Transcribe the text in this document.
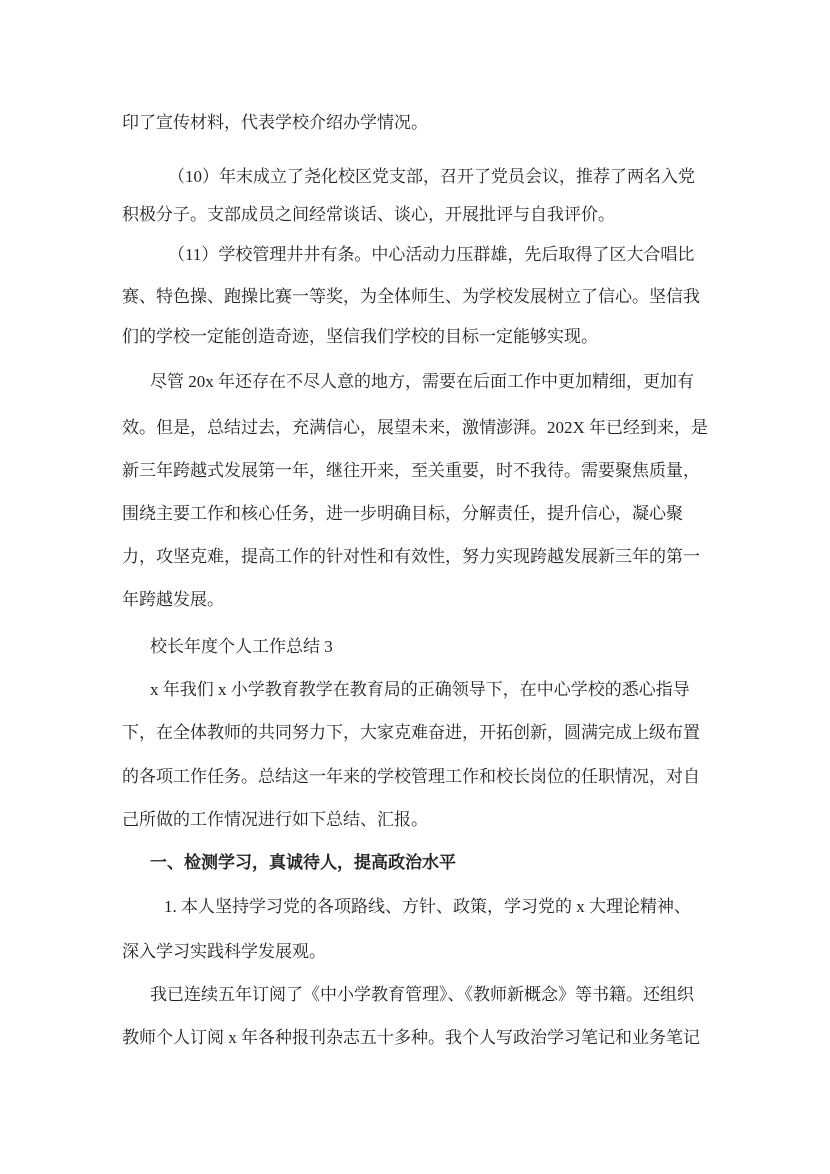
印了宣传材料，代表学校介绍办学情况。
（10）年末成立了尧化校区党支部，召开了党员会议，推荐了两名入党
积极分子。支部成员之间经常谈话、谈心，开展批评与自我评价。
（11）学校管理井井有条。中心活动力压群雄，先后取得了区大合唱比
赛、特色操、跑操比赛一等奖，为全体师生、为学校发展树立了信心。坚信我
们的学校一定能创造奇迹，坚信我们学校的目标一定能够实现。
尽管 20x 年还存在不尽人意的地方，需要在后面工作中更加精细，更加有
效。但是，总结过去，充满信心，展望未来，激情澎湃。202X 年已经到来，是
新三年跨越式发展第一年，继往开来，至关重要，时不我待。需要聚焦质量，
围绕主要工作和核心任务，进一步明确目标，分解责任，提升信心，凝心聚
力，攻坚克难，提高工作的针对性和有效性，努力实现跨越发展新三年的第一
年跨越发展。
校长年度个人工作总结 3
x 年我们 x 小学教育教学在教育局的正确领导下，在中心学校的悉心指导
下，在全体教师的共同努力下，大家克难奋进，开拓创新，圆满完成上级布置
的各项工作任务。总结这一年来的学校管理工作和校长岗位的任职情况，对自
己所做的工作情况进行如下总结、汇报。
一、检测学习，真诚待人，提高政治水平
1. 本人坚持学习党的各项路线、方针、政策，学习党的 x 大理论精神、
深入学习实践科学发展观。
我已连续五年订阅了《中小学教育管理》、《教师新概念》等书籍。还组织
教师个人订阅 x 年各种报刊杂志五十多种。我个人写政治学习笔记和业务笔记
